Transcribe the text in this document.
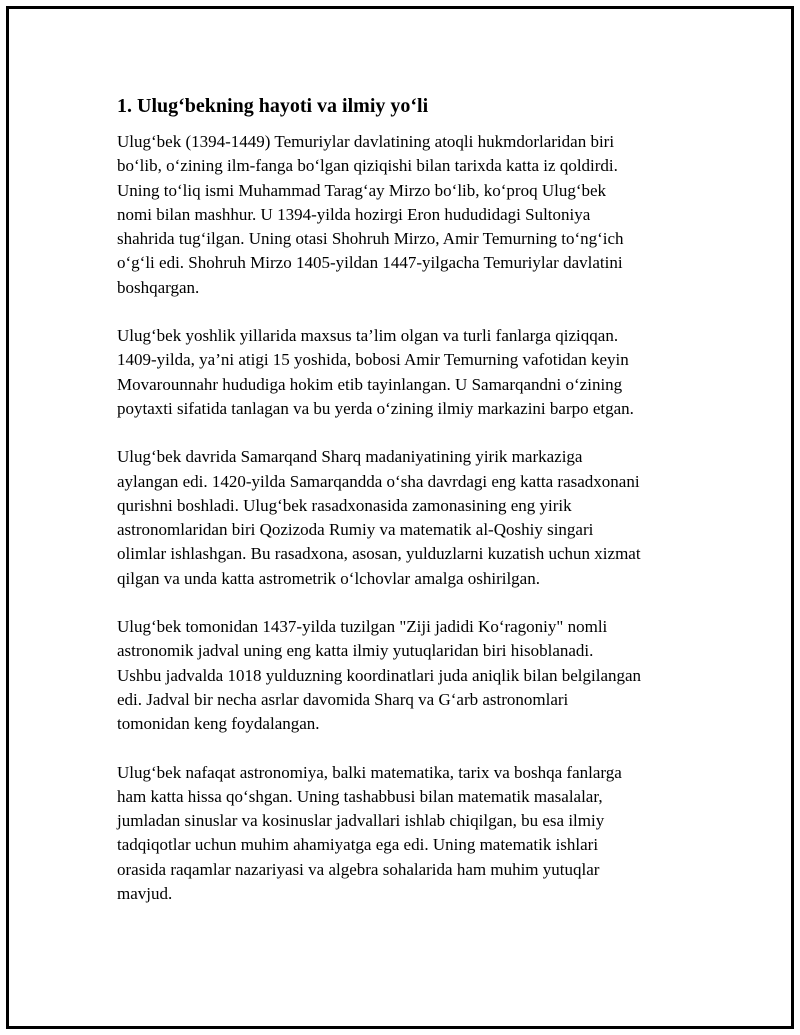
1. Ulug‘bekning hayoti va ilmiy yo‘li
Ulug‘bek (1394-1449) Temuriylar davlatining atoqli hukmdorlaridan biri
bo‘lib, o‘zining ilm-fanga bo‘lgan qiziqishi bilan tarixda katta iz qoldirdi.
Uning to‘liq ismi Muhammad Tarag‘ay Mirzo bo‘lib, ko‘proq Ulug‘bek
nomi bilan mashhur. U 1394-yilda hozirgi Eron hududidagi Sultoniya
shahrida tug‘ilgan. Uning otasi Shohruh Mirzo, Amir Temurning to‘ng‘ich
o‘g‘li edi. Shohruh Mirzo 1405-yildan 1447-yilgacha Temuriylar davlatini
boshqargan.
Ulug‘bek yoshlik yillarida maxsus ta’lim olgan va turli fanlarga qiziqqan.
1409-yilda, ya’ni atigi 15 yoshida, bobosi Amir Temurning vafotidan keyin
Movarounnahr hududiga hokim etib tayinlangan. U Samarqandni o‘zining
poytaxti sifatida tanlagan va bu yerda o‘zining ilmiy markazini barpo etgan.
Ulug‘bek davrida Samarqand Sharq madaniyatining yirik markaziga
aylangan edi. 1420-yilda Samarqandda o‘sha davrdagi eng katta rasadxonani
qurishni boshladi. Ulug‘bek rasadxonasida zamonasining eng yirik
astronomlaridan biri Qozizoda Rumiy va matematik al-Qoshiy singari
olimlar ishlashgan. Bu rasadxona, asosan, yulduzlarni kuzatish uchun xizmat
qilgan va unda katta astrometrik o‘lchovlar amalga oshirilgan.
Ulug‘bek tomonidan 1437-yilda tuzilgan "Ziji jadidi Ko‘ragoniy" nomli
astronomik jadval uning eng katta ilmiy yutuqlaridan biri hisoblanadi.
Ushbu jadvalda 1018 yulduzning koordinatlari juda aniqlik bilan belgilangan
edi. Jadval bir necha asrlar davomida Sharq va G‘arb astronomlari
tomonidan keng foydalangan.
Ulug‘bek nafaqat astronomiya, balki matematika, tarix va boshqa fanlarga
ham katta hissa qo‘shgan. Uning tashabbusi bilan matematik masalalar,
jumladan sinuslar va kosinuslar jadvallari ishlab chiqilgan, bu esa ilmiy
tadqiqotlar uchun muhim ahamiyatga ega edi. Uning matematik ishlari
orasida raqamlar nazariyasi va algebra sohalarida ham muhim yutuqlar
mavjud.
